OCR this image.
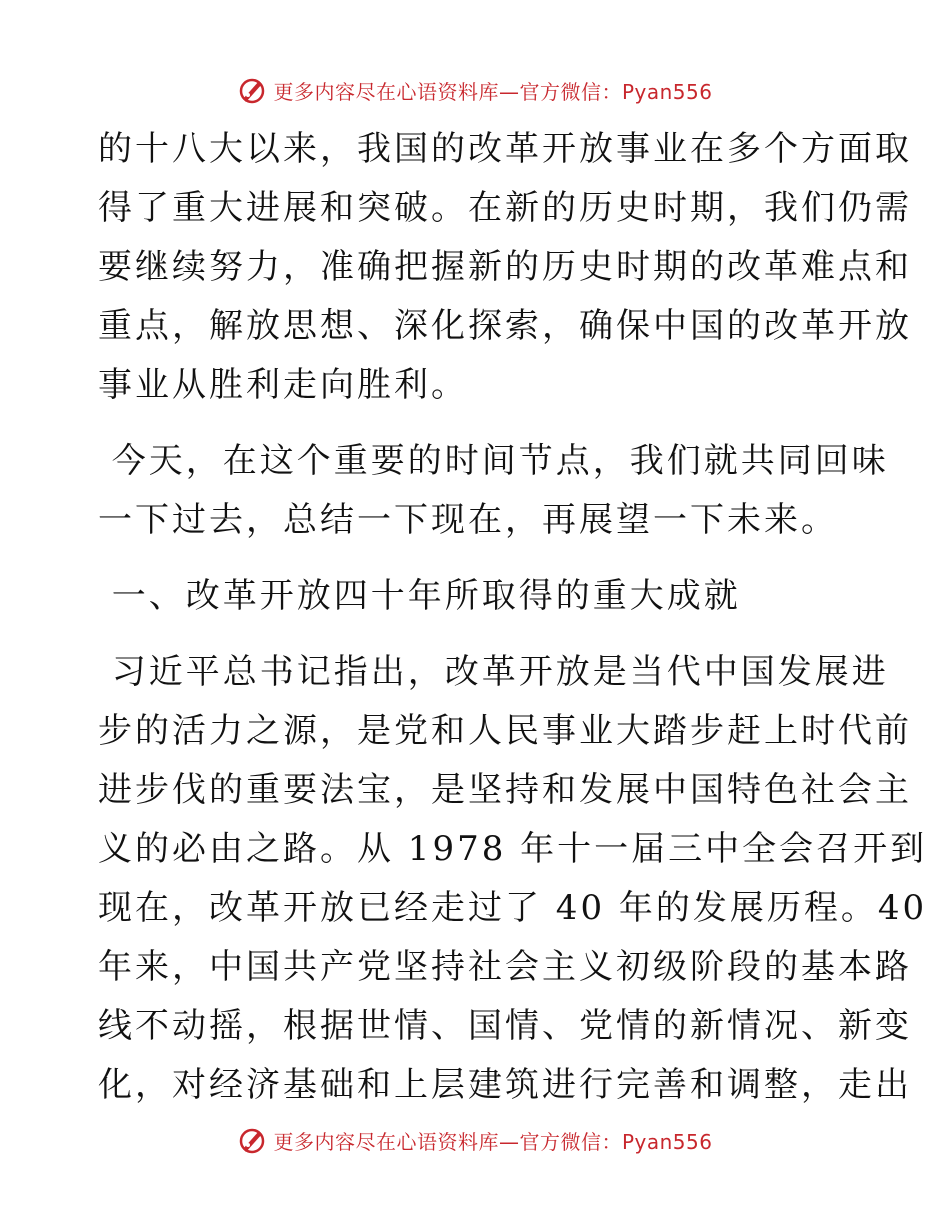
更多内容尽在心语资料库—官方微信：Pyan556

的十八大以来，我国的改革开放事业在多个方面取
得了重大进展和突破。在新的历史时期，我们仍需
要继续努力，准确把握新的历史时期的改革难点和
重点，解放思想、深化探索，确保中国的改革开放
事业从胜利走向胜利。

今天，在这个重要的时间节点，我们就共同回味
一下过去，总结一下现在，再展望一下未来。

一、改革开放四十年所取得的重大成就

习近平总书记指出，改革开放是当代中国发展进
步的活力之源，是党和人民事业大踏步赶上时代前
进步伐的重要法宝，是坚持和发展中国特色社会主
义的必由之路。从 1978 年十一届三中全会召开到
现在，改革开放已经走过了 40 年的发展历程。40
年来，中国共产党坚持社会主义初级阶段的基本路
线不动摇，根据世情、国情、党情的新情况、新变
化，对经济基础和上层建筑进行完善和调整，走出

更多内容尽在心语资料库—官方微信：Pyan556
